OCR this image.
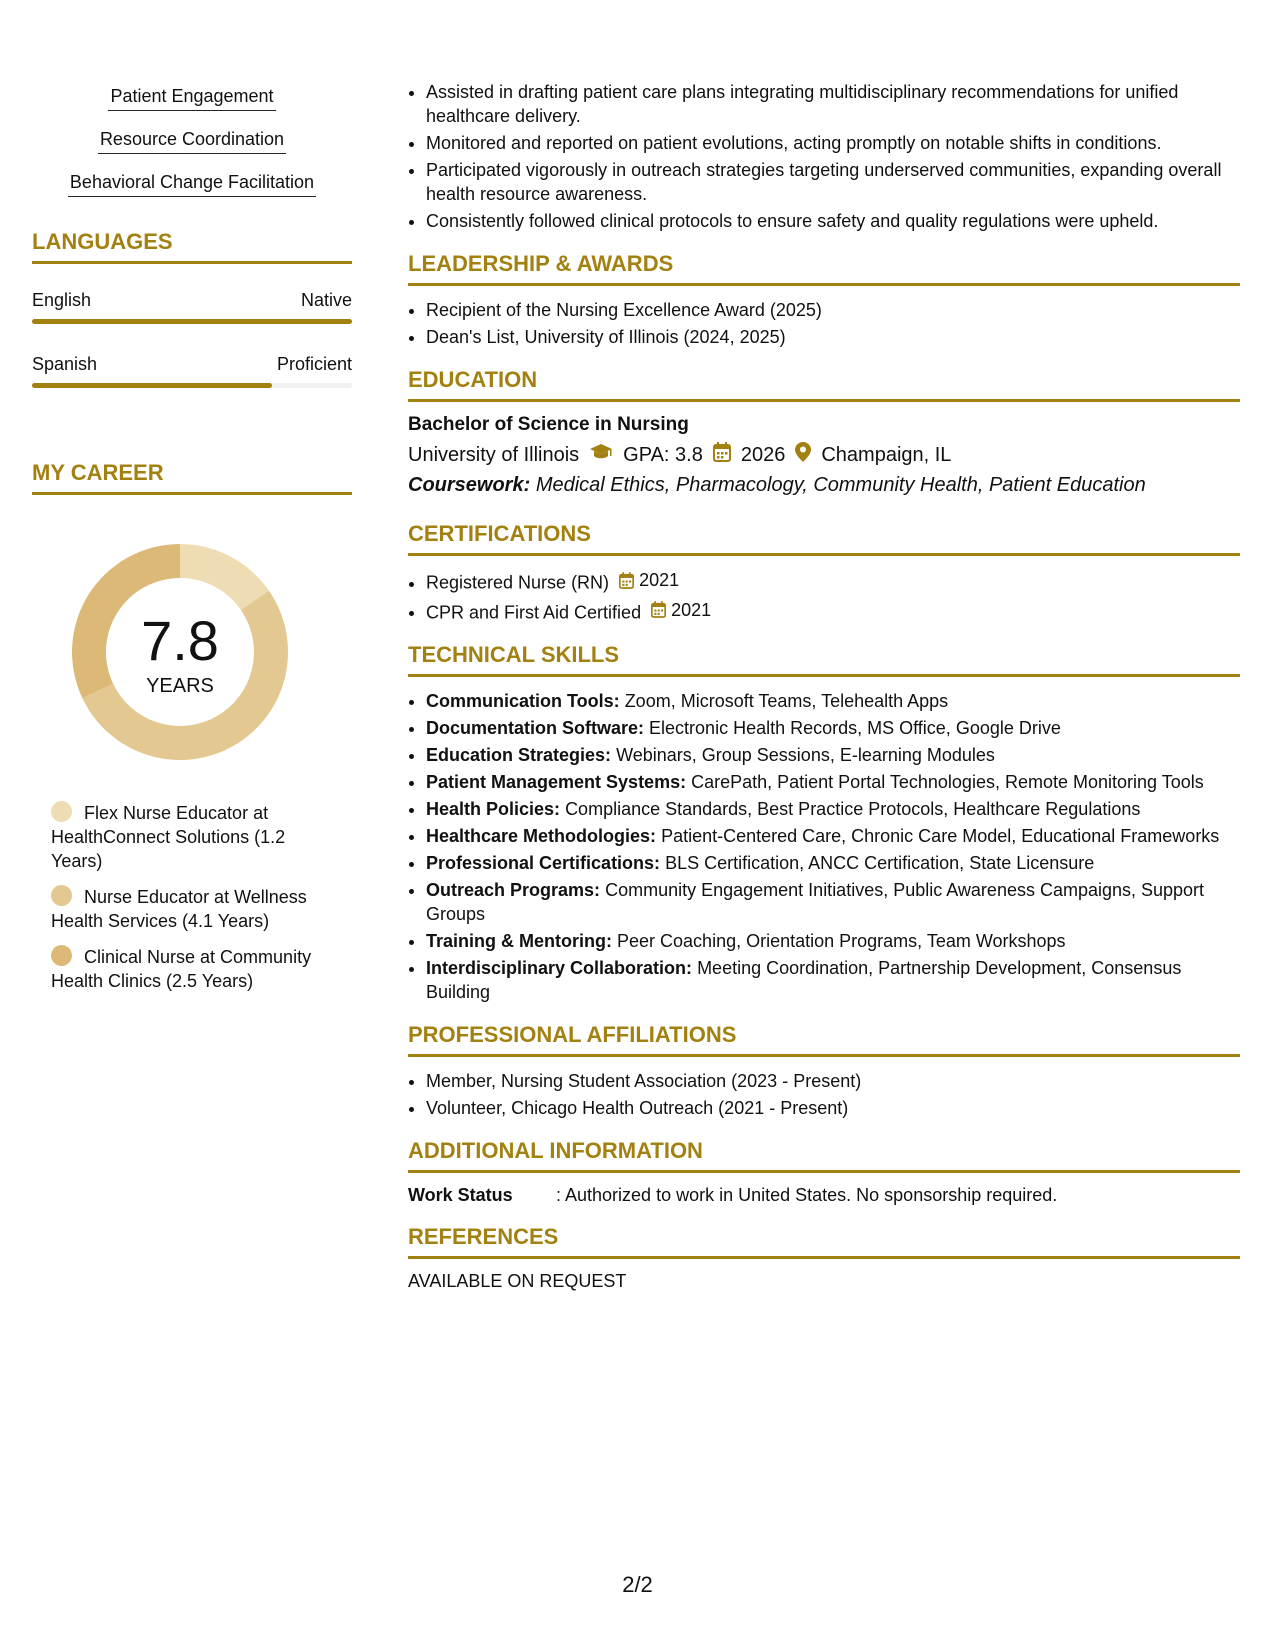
Patient Engagement
Resource Coordination
Behavioral Change Facilitation
LANGUAGES
English	Native
Spanish	Proficient
MY CAREER
7.8
YEARS
Flex Nurse Educator at HealthConnect Solutions (1.2 Years)
Nurse Educator at Wellness Health Services (4.1 Years)
Clinical Nurse at Community Health Clinics (2.5 Years)
• Assisted in drafting patient care plans integrating multidisciplinary recommendations for unified healthcare delivery.
• Monitored and reported on patient evolutions, acting promptly on notable shifts in conditions.
• Participated vigorously in outreach strategies targeting underserved communities, expanding overall health resource awareness.
• Consistently followed clinical protocols to ensure safety and quality regulations were upheld.
LEADERSHIP & AWARDS
• Recipient of the Nursing Excellence Award (2025)
• Dean's List, University of Illinois (2024, 2025)
EDUCATION
Bachelor of Science in Nursing
University of Illinois GPA: 3.8 2026 Champaign, IL
Coursework: Medical Ethics, Pharmacology, Community Health, Patient Education
CERTIFICATIONS
• Registered Nurse (RN) 2021
• CPR and First Aid Certified 2021
TECHNICAL SKILLS
• Communication Tools: Zoom, Microsoft Teams, Telehealth Apps
• Documentation Software: Electronic Health Records, MS Office, Google Drive
• Education Strategies: Webinars, Group Sessions, E-learning Modules
• Patient Management Systems: CarePath, Patient Portal Technologies, Remote Monitoring Tools
• Health Policies: Compliance Standards, Best Practice Protocols, Healthcare Regulations
• Healthcare Methodologies: Patient-Centered Care, Chronic Care Model, Educational Frameworks
• Professional Certifications: BLS Certification, ANCC Certification, State Licensure
• Outreach Programs: Community Engagement Initiatives, Public Awareness Campaigns, Support Groups
• Training & Mentoring: Peer Coaching, Orientation Programs, Team Workshops
• Interdisciplinary Collaboration: Meeting Coordination, Partnership Development, Consensus Building
PROFESSIONAL AFFILIATIONS
• Member, Nursing Student Association (2023 - Present)
• Volunteer, Chicago Health Outreach (2021 - Present)
ADDITIONAL INFORMATION
Work Status	: Authorized to work in United States. No sponsorship required.
REFERENCES
AVAILABLE ON REQUEST
2/2
